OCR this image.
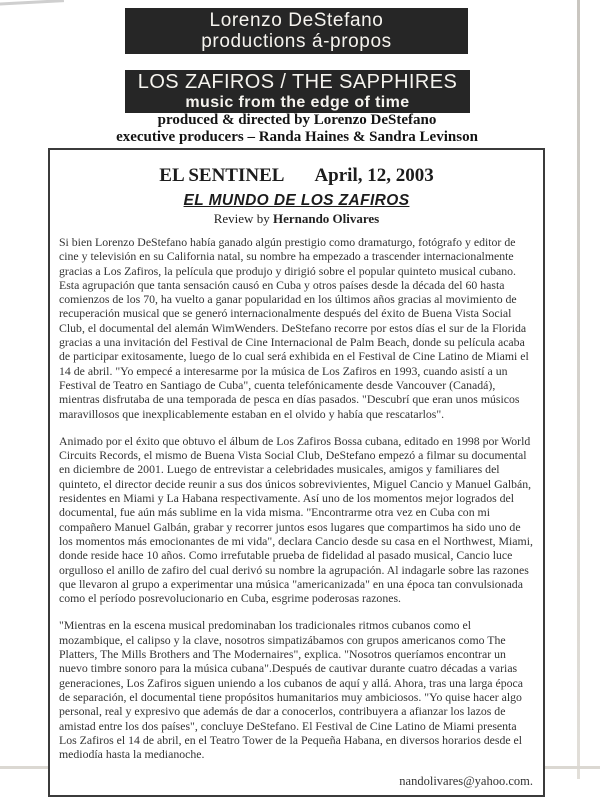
Lorenzo DeStefano
productions á-propos
LOS ZAFIROS / THE SAPPHIRES
music from the edge of time
produced & directed by Lorenzo DeStefano
executive producers – Randa Haines & Sandra Levinson
EL SENTINEL April, 12, 2003
EL MUNDO DE LOS ZAFIROS
Review by Hernando Olivares

Si bien Lorenzo DeStefano había ganado algún prestigio como dramaturgo, fotógrafo y editor de cine y televisión en su California natal, su nombre ha empezado a trascender internacionalmente gracias a Los Zafiros, la película que produjo y dirigió sobre el popular quinteto musical cubano. Esta agrupación que tanta sensación causó en Cuba y otros países desde la década del 60 hasta comienzos de los 70, ha vuelto a ganar popularidad en los últimos años gracias al movimiento de recuperación musical que se generó internacionalmente después del éxito de Buena Vista Social Club, el documental del alemán WimWenders. DeStefano recorre por estos días el sur de la Florida gracias a una invitación del Festival de Cine Internacional de Palm Beach, donde su película acaba de participar exitosamente, luego de lo cual será exhibida en el Festival de Cine Latino de Miami el 14 de abril. "Yo empecé a interesarme por la música de Los Zafiros en 1993, cuando asistí a un Festival de Teatro en Santiago de Cuba", cuenta telefónicamente desde Vancouver (Canadá), mientras disfrutaba de una temporada de pesca en días pasados. "Descubrí que eran unos músicos maravillosos que inexplicablemente estaban en el olvido y había que rescatarlos".

Animado por el éxito que obtuvo el álbum de Los Zafiros Bossa cubana, editado en 1998 por World Circuits Records, el mismo de Buena Vista Social Club, DeStefano empezó a filmar su documental en diciembre de 2001. Luego de entrevistar a celebridades musicales, amigos y familiares del quinteto, el director decide reunir a sus dos únicos sobrevivientes, Miguel Cancio y Manuel Galbán, residentes en Miami y La Habana respectivamente. Así uno de los momentos mejor logrados del documental, fue aún más sublime en la vida misma. "Encontrarme otra vez en Cuba con mi compañero Manuel Galbán, grabar y recorrer juntos esos lugares que compartimos ha sido uno de los momentos más emocionantes de mi vida", declara Cancio desde su casa en el Northwest, Miami, donde reside hace 10 años. Como irrefutable prueba de fidelidad al pasado musical, Cancio luce orgulloso el anillo de zafiro del cual derivó su nombre la agrupación. Al indagarle sobre las razones que llevaron al grupo a experimentar una música "americanizada" en una época tan convulsionada como el período posrevolucionario en Cuba, esgrime poderosas razones.

"Mientras en la escena musical predominaban los tradicionales ritmos cubanos como el mozambique, el calipso y la clave, nosotros simpatizábamos con grupos americanos como The Platters, The Mills Brothers and The Modernaires", explica. "Nosotros queríamos encontrar un nuevo timbre sonoro para la música cubana".Después de cautivar durante cuatro décadas a varias generaciones, Los Zafiros siguen uniendo a los cubanos de aquí y allá. Ahora, tras una larga época de separación, el documental tiene propósitos humanitarios muy ambiciosos. "Yo quise hacer algo personal, real y expresivo que además de dar a conocerlos, contribuyera a afianzar los lazos de amistad entre los dos países", concluye DeStefano. El Festival de Cine Latino de Miami presenta Los Zafiros el 14 de abril, en el Teatro Tower de la Pequeña Habana, en diversos horarios desde el mediodía hasta la medianoche.

nandolivares@yahoo.com.
